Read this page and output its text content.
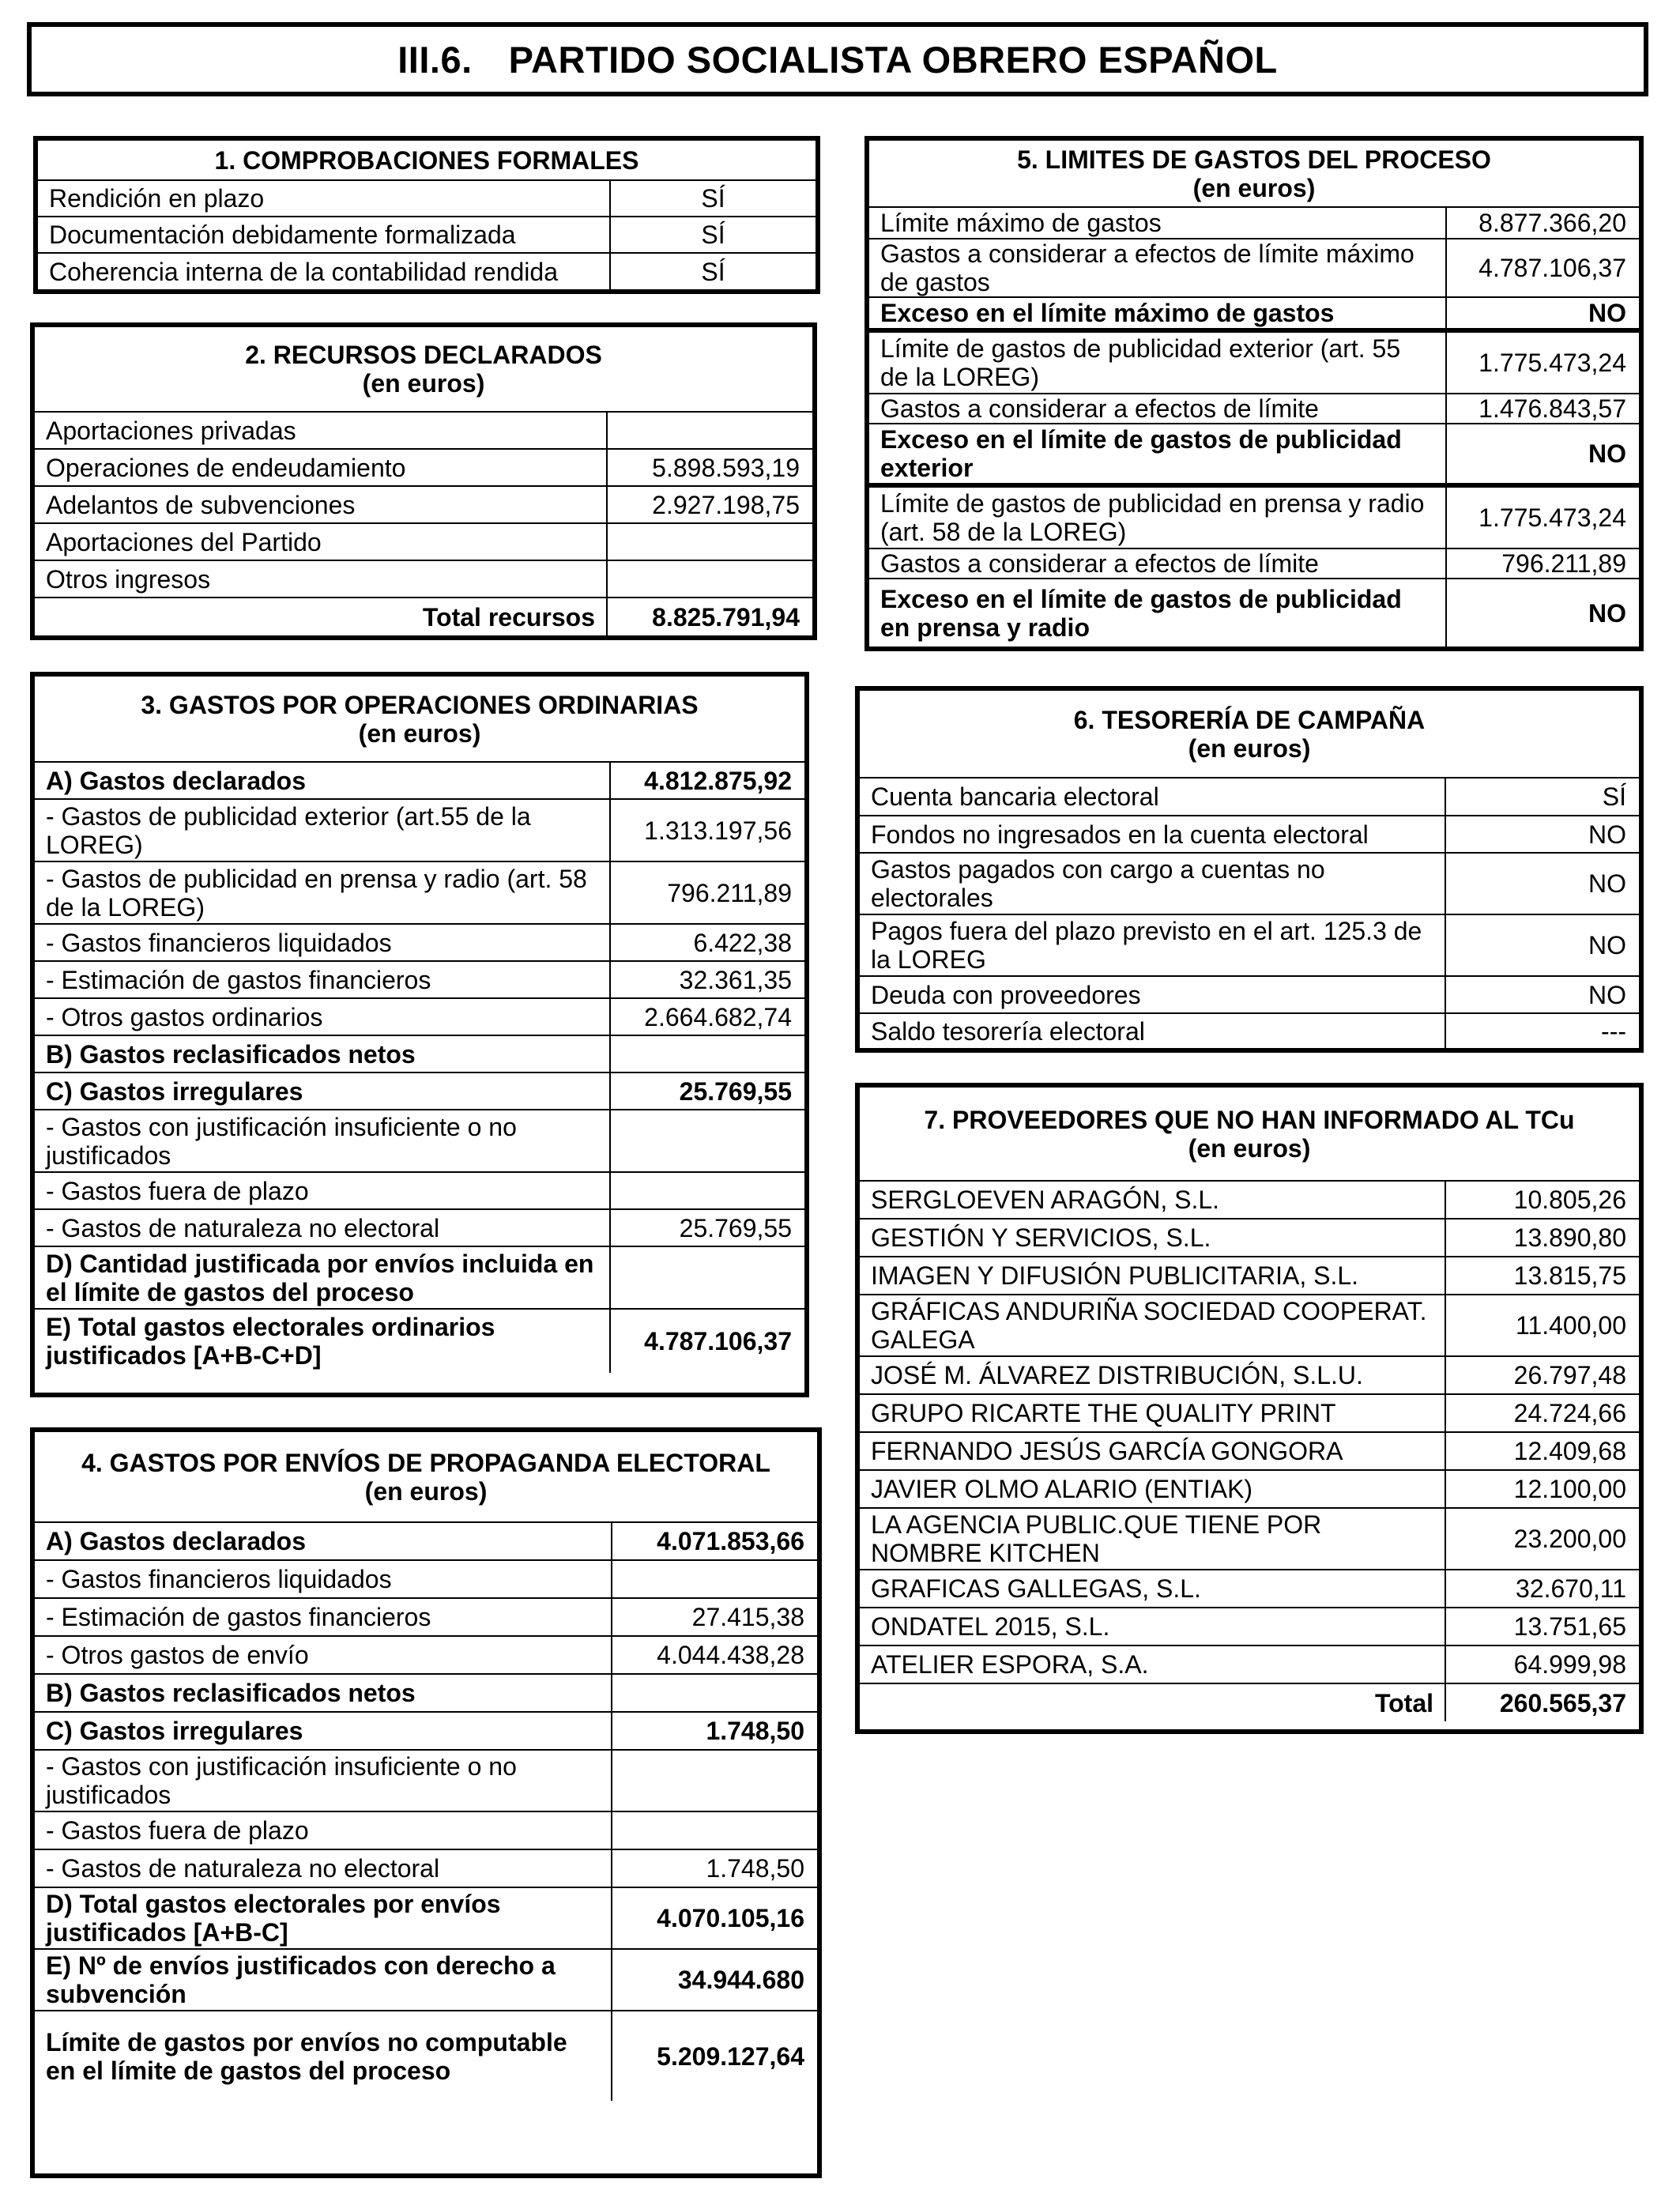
III.6. PARTIDO SOCIALISTA OBRERO ESPAÑOL
1. COMPROBACIONES FORMALES	
Rendición en plazo	SÍ
Documentación debidamente formalizada	SÍ
Coherencia interna de la contabilidad rendida	SÍ
2. RECURSOS DECLARADOS
(en euros)	

Aportaciones privadas	
Operaciones de endeudamiento	5.898.593,19
Adelantos de subvenciones	2.927.198,75
Aportaciones del Partido	
Otros ingresos	
Total recursos	8.825.791,94
3. GASTOS POR OPERACIONES ORDINARIAS
(en euros)	

A) Gastos declarados	4.812.875,92
- Gastos de publicidad exterior (art.55 de la LOREG)	1.313.197,56
- Gastos de publicidad en prensa y radio (art. 58 de la LOREG)	796.211,89
- Gastos financieros liquidados	6.422,38
- Estimación de gastos financieros	32.361,35
- Otros gastos ordinarios	2.664.682,74
B) Gastos reclasificados netos	
C) Gastos irregulares	25.769,55
- Gastos con justificación insuficiente o no justificados	
- Gastos fuera de plazo	
- Gastos de naturaleza no electoral	25.769,55
D) Cantidad justificada por envíos incluida en el límite de gastos del proceso	
E) Total gastos electorales ordinarios justificados [A+B-C+D]	4.787.106,37
4. GASTOS POR ENVÍOS DE PROPAGANDA ELECTORAL
(en euros)	

A) Gastos declarados	4.071.853,66
- Gastos financieros liquidados	
- Estimación de gastos financieros	27.415,38
- Otros gastos de envío	4.044.438,28
B) Gastos reclasificados netos	
C) Gastos irregulares	1.748,50
- Gastos con justificación insuficiente o no justificados	
- Gastos fuera de plazo	
- Gastos de naturaleza no electoral	1.748,50
D) Total gastos electorales por envíos justificados [A+B-C]	4.070.105,16
E) Nº de envíos justificados con derecho a subvención	34.944.680
Límite de gastos por envíos no computable en el límite de gastos del proceso	5.209.127,64
5. LIMITES DE GASTOS DEL PROCESO
(en euros)	

Límite máximo de gastos	8.877.366,20
Gastos a considerar a efectos de límite máximo de gastos	4.787.106,37
Exceso en el límite máximo de gastos	NO
Límite de gastos de publicidad exterior (art. 55 de la LOREG)	1.775.473,24
Gastos a considerar a efectos de límite	1.476.843,57
Exceso en el límite de gastos de publicidad exterior	NO
Límite de gastos de publicidad en prensa y radio (art. 58 de la LOREG)	1.775.473,24
Gastos a considerar a efectos de límite	796.211,89
Exceso en el límite de gastos de publicidad en prensa y radio	NO
6. TESORERÍA DE CAMPAÑA
(en euros)	

Cuenta bancaria electoral	SÍ
Fondos no ingresados en la cuenta electoral	NO
Gastos pagados con cargo a cuentas no electorales	NO
Pagos fuera del plazo previsto en el art. 125.3 de la LOREG	NO
Deuda con proveedores	NO
Saldo tesorería electoral	---
7. PROVEEDORES QUE NO HAN INFORMADO AL TCu
(en euros)	

SERGLOEVEN ARAGÓN, S.L.	10.805,26
GESTIÓN Y SERVICIOS, S.L.	13.890,80
IMAGEN Y DIFUSIÓN PUBLICITARIA, S.L.	13.815,75
GRÁFICAS ANDURIÑA SOCIEDAD COOPERAT. GALEGA	11.400,00
JOSÉ M. ÁLVAREZ DISTRIBUCIÓN, S.L.U.	26.797,48
GRUPO RICARTE THE QUALITY PRINT	24.724,66
FERNANDO JESÚS GARCÍA GONGORA	12.409,68
JAVIER OLMO ALARIO (ENTIAK)	12.100,00
LA AGENCIA PUBLIC.QUE TIENE POR NOMBRE KITCHEN	23.200,00
GRAFICAS GALLEGAS, S.L.	32.670,11
ONDATEL 2015, S.L.	13.751,65
ATELIER ESPORA, S.A.	64.999,98
Total	260.565,37
